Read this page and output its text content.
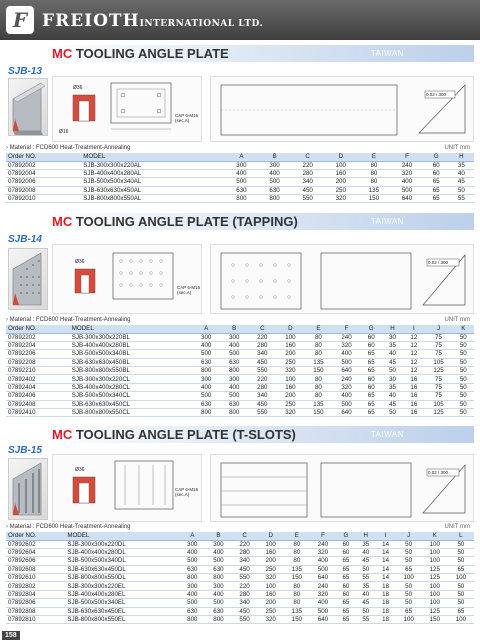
F FREIOTHINTERNATIONAL LTD.
MC TOOLING ANGLE PLATE	TAIWAN
SJB-13
Ø36
Ø16
CAP 6-M16 (sec.A)
0.02 / 300
› Material : FCD600 Heat-Treatment-Annealing	UNIT mm
Order NO.	MODEL	A	B	C	D	E	F	G	H
07892002	SJB-300x300x220AL	300	300	220	100	80	240	60	35
07892004	SJB-400x400x280AL	400	400	280	160	80	320	60	40
07892006	SJB-500x500x340AL	500	500	340	200	80	400	65	45
07892008	SJB-630x630x450AL	630	630	450	250	135	500	65	50
07892010	SJB-800x800x550AL	800	800	550	320	150	640	65	55
MC TOOLING ANGLE PLATE (TAPPING)	TAIWAN
SJB-14
Ø36
CAP 6-M16 (sec.A)
0.02 / 300
› Material : FCD600 Heat-Treatment-Annealing	UNIT mm
Order NO.	MODEL	A	B	C	D	E	F	G	H	I	J	K
07892202	SJB-300x300x220BL	300	300	220	100	80	240	60	30	12	75	50
07892204	SJB-400x400x280BL	400	400	280	160	80	320	60	35	12	75	50
07892206	SJB-500x500x340BL	500	500	340	200	80	400	65	40	12	75	50
07892208	SJB-630x630x450BL	630	630	450	250	135	500	65	45	12	105	50
07892210	SJB-800x800x550BL	800	800	550	320	150	640	65	50	12	125	50
07892402	SJB-300x300x220CL	300	300	220	100	80	240	60	30	16	75	50
07892404	SJB-400x400x280CL	400	400	280	160	80	320	60	35	16	75	50
07892406	SJB-500x500x340CL	500	500	340	200	80	400	65	40	16	75	50
07892408	SJB-630x630x450CL	630	630	450	250	135	500	65	45	16	105	50
07892410	SJB-800x800x550CL	800	800	550	320	150	640	65	50	16	125	50
MC TOOLING ANGLE PLATE (T-SLOTS)	TAIWAN
SJB-15
Ø36
CAP 6-M16 (sec.A)
0.02 / 300
› Material : FCD600 Heat-Treatment-Annealing	UNIT mm
Order NO.	MODEL	A	B	C	D	E	F	G	H	I	J	K	L
07892602	SJB-300x300x220DL	300	300	220	100	80	240	60	35	14	50	100	50
07892604	SJB-400x400x280DL	400	400	280	160	80	320	60	40	14	50	100	50
07892606	SJB-500x500x340DL	500	500	340	200	80	400	65	45	14	50	100	50
07892608	SJB-630x630x450DL	630	630	450	250	135	500	65	50	14	65	125	65
07892610	SJB-800x800x550DL	800	800	550	320	150	640	65	55	14	100	125	100
07892802	SJB-300x300x220EL	300	300	220	100	80	240	60	35	18	50	100	50
07892804	SJB-400x400x280EL	400	400	280	160	80	320	60	40	18	50	100	50
07892806	SJB-500x500x340EL	500	500	340	200	80	400	65	45	18	50	100	50
07892808	SJB-630x630x450EL	630	630	450	250	135	500	65	50	18	65	125	65
07892810	SJB-800x800x550EL	800	800	550	320	150	640	65	55	18	100	150	100
158
